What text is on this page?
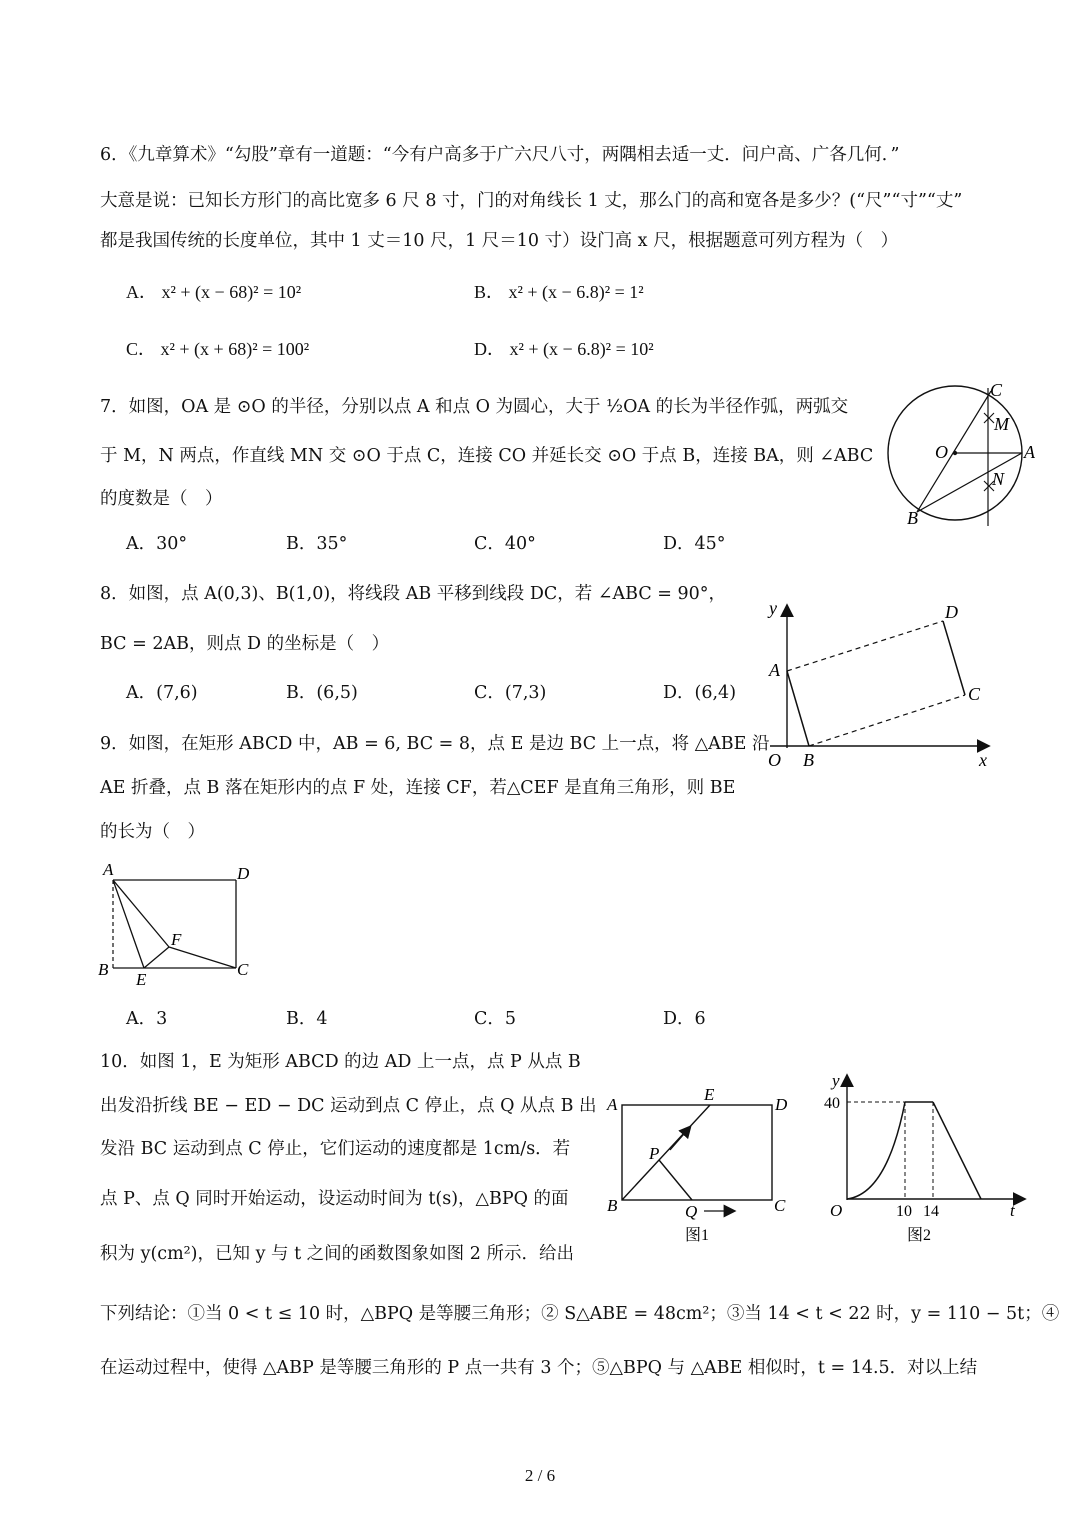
6．《九章算术》“勾股”章有一道题：“今有户高多于广六尺八寸，两隅相去适一丈．问户高、广各几何．”
大意是说：已知长方形门的高比宽多 6 尺 8 寸，门的对角线长 1 丈，那么门的高和宽各是多少？(“尺”“寸”“丈”
都是我国传统的长度单位，其中 1 丈＝10 尺，1 尺＝10 寸）设门高 x 尺，根据题意可列方程为（　）
A． x² + (x − 68)² = 10²	B． x² + (x − 6.8)² = 1²
C． x² + (x + 68)² = 100²	D． x² + (x − 6.8)² = 10²
7．如图，OA 是 ⊙O 的半径，分别以点 A 和点 O 为圆心，大于 ½OA 的长为半径作弧，两弧交
于 M，N 两点，作直线 MN 交 ⊙O 于点 C，连接 CO 并延长交 ⊙O 于点 B，连接 BA，则 ∠ABC
的度数是（　）
A．30°	B．35°	C．40°	D．45°
C
M
O	A
N
B
8．如图，点 A(0,3)、B(1,0)，将线段 AB 平移到线段 DC，若 ∠ABC = 90°，
BC = 2AB，则点 D 的坐标是（　）
A．(7,6)	B．(6,5)	C．(7,3)	D．(6,4)
y	D
A
C
O B	x
9．如图，在矩形 ABCD 中，AB = 6, BC = 8，点 E 是边 BC 上一点，将 △ABE 沿
AE 折叠，点 B 落在矩形内的点 F 处，连接 CF，若△CEF 是直角三角形，则 BE
的长为（　）
A	D
F
B
E
C
A．3	B．4	C．5	D．6
10．如图 1，E 为矩形 ABCD 的边 AD 上一点，点 P 从点 B
出发沿折线 BE − ED − DC 运动到点 C 停止，点 Q 从点 B 出
发沿 BC 运动到点 C 停止，它们运动的速度都是 1cm/s．若
点 P、点 Q 同时开始运动，设运动时间为 t(s)，△BPQ 的面
积为 y(cm²)，已知 y 与 t 之间的函数图象如图 2 所示．给出
下列结论：①当 0 < t ≤ 10 时，△BPQ 是等腰三角形；② S△ABE = 48cm²；③当 14 < t < 22 时，y = 110 − 5t；④
在运动过程中，使得 △ABP 是等腰三角形的 P 点一共有 3 个；⑤△BPQ 与 △ABE 相似时，t = 14.5．对以上结
A
E
D
P
B	Q	C
图1
y
40
O	10 14	t
图2
2 / 6
